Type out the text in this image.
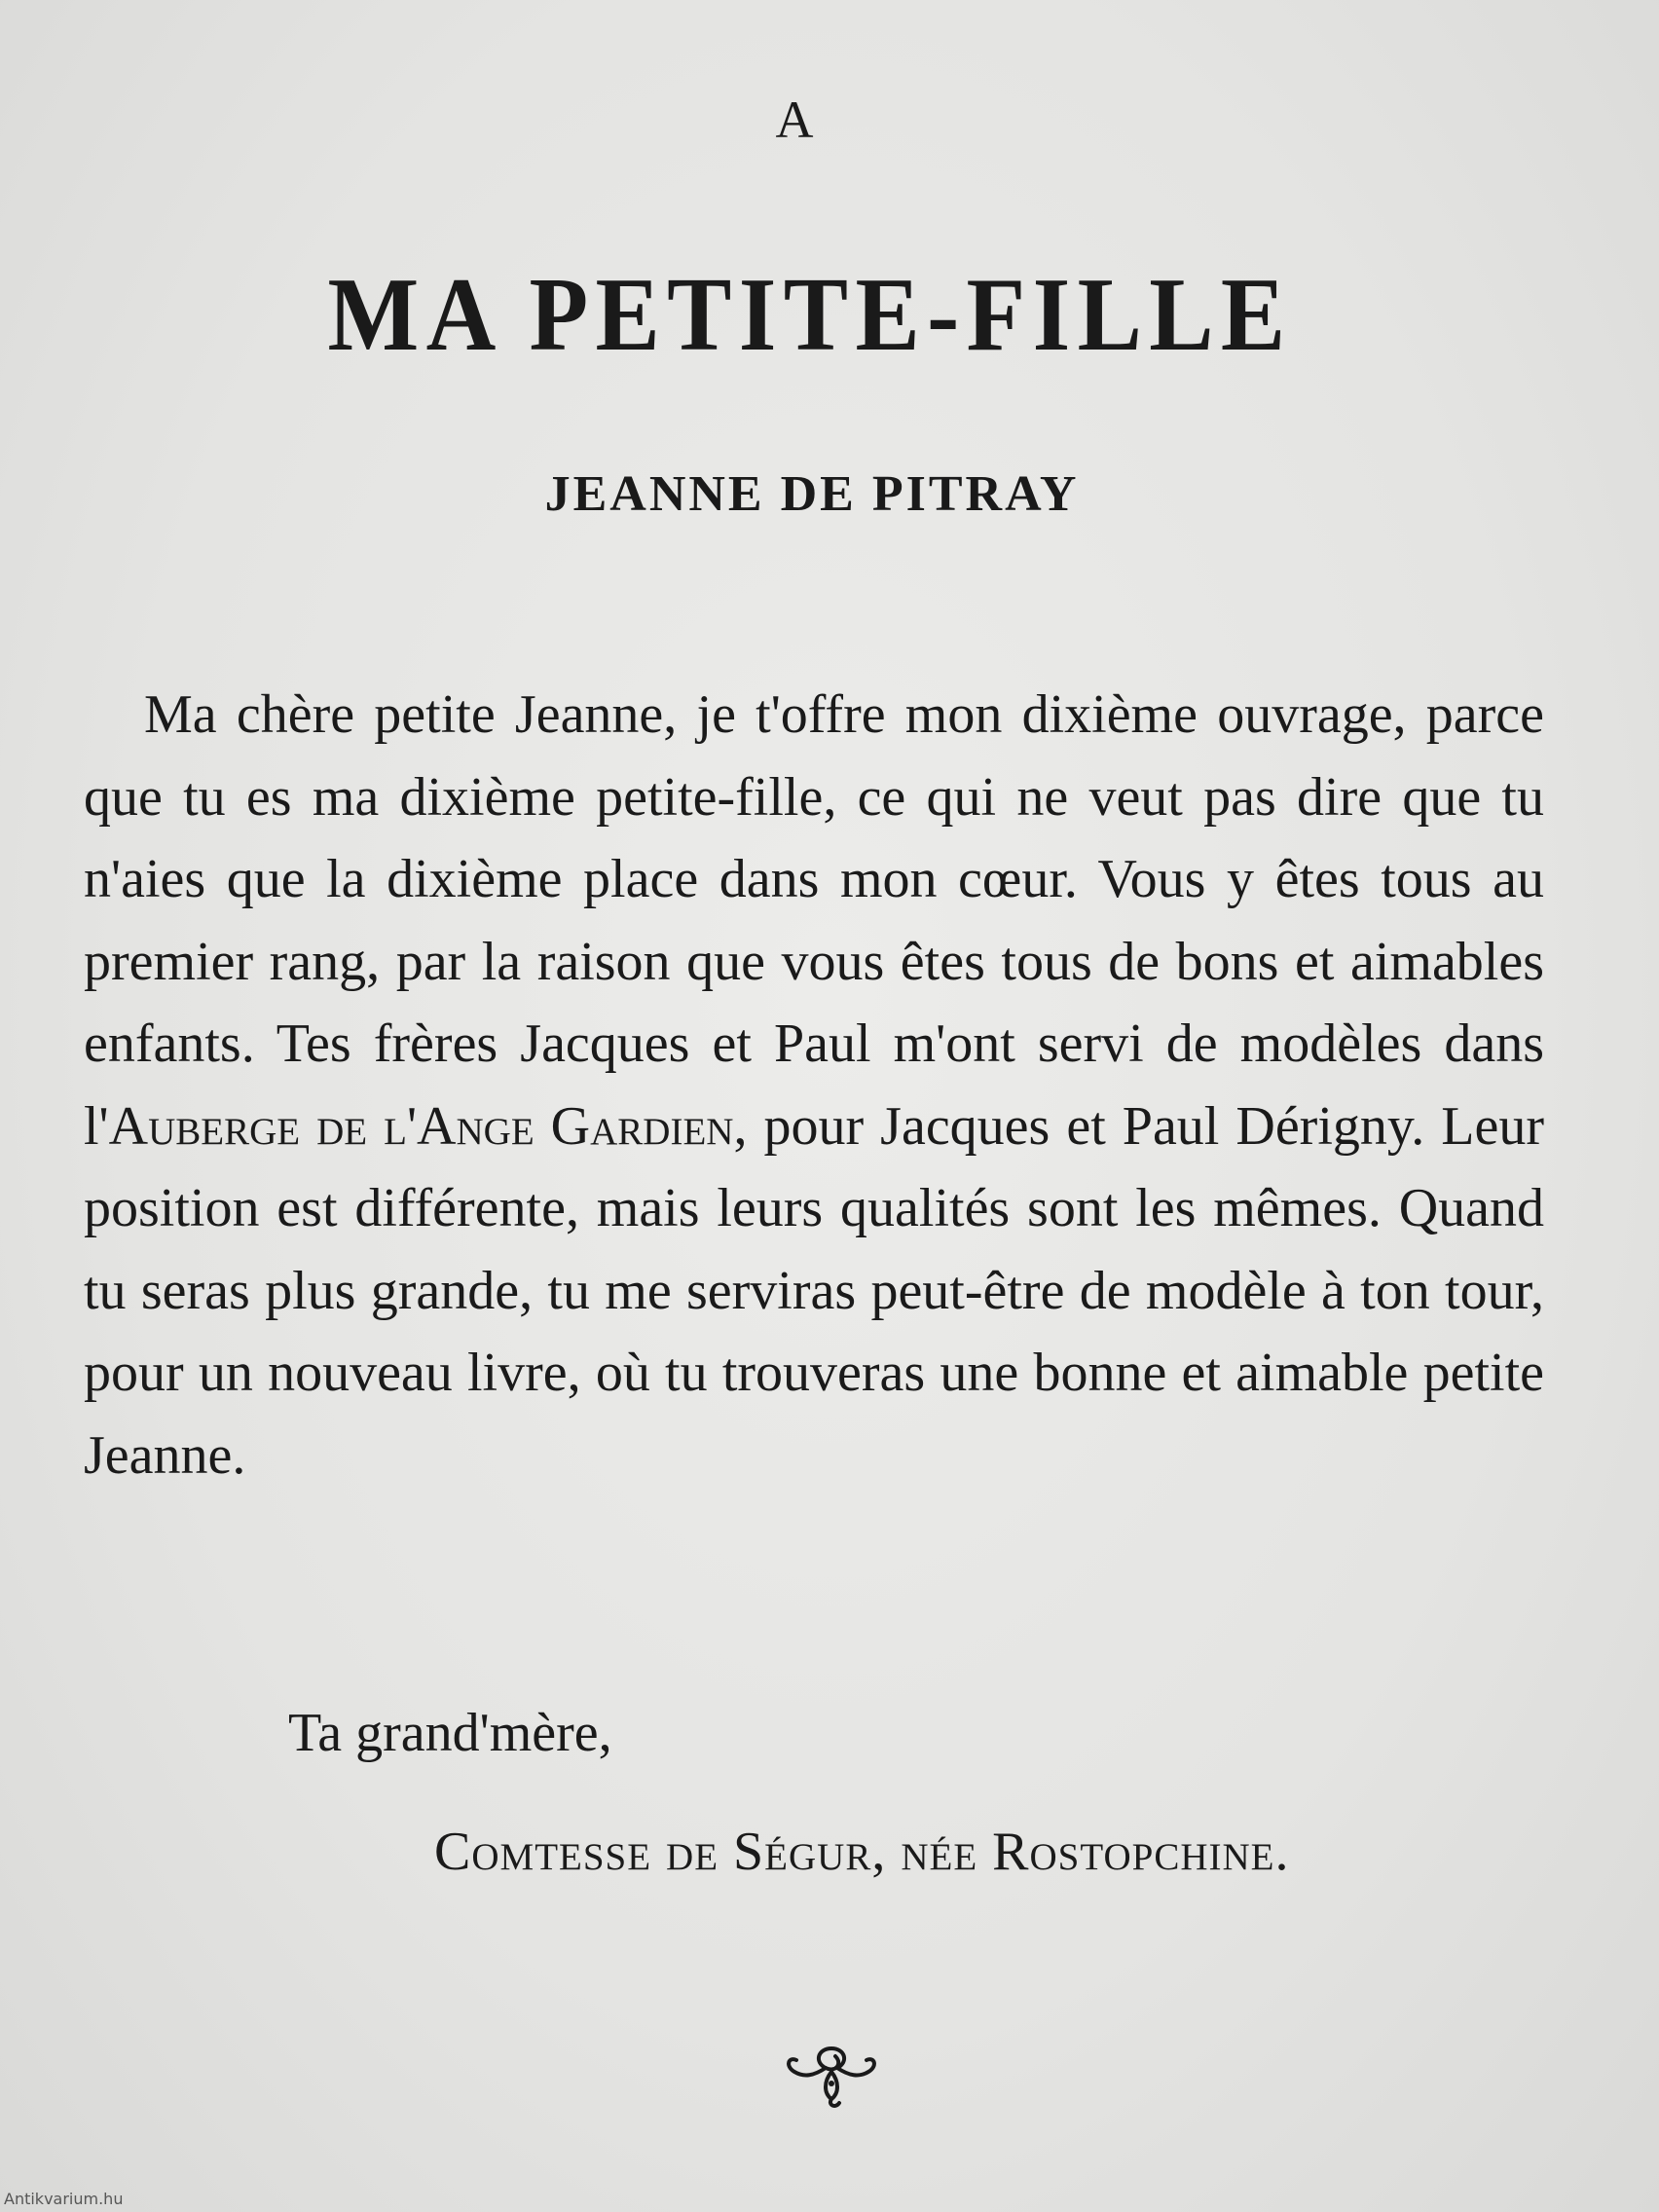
A
MA PETITE-FILLE
JEANNE DE PITRAY

Ma chère petite Jeanne, je t'offre mon dixième ouvrage, parce que tu es ma dixième petite-fille, ce qui ne veut pas dire que tu n'aies que la dixième place dans mon cœur. Vous y êtes tous au premier rang, par la raison que vous êtes tous de bons et aimables enfants. Tes frères Jacques et Paul m'ont servi de modèles dans l'Auberge de l'Ange Gardien, pour Jacques et Paul Dérigny. Leur position est différente, mais leurs qualités sont les mêmes. Quand tu seras plus grande, tu me serviras peut-être de modèle à ton tour, pour un nouveau livre, où tu trouveras une bonne et aimable petite Jeanne.

Ta grand'mère,
Comtesse de Ségur, née Rostopchine.
Antikvarium.hu
